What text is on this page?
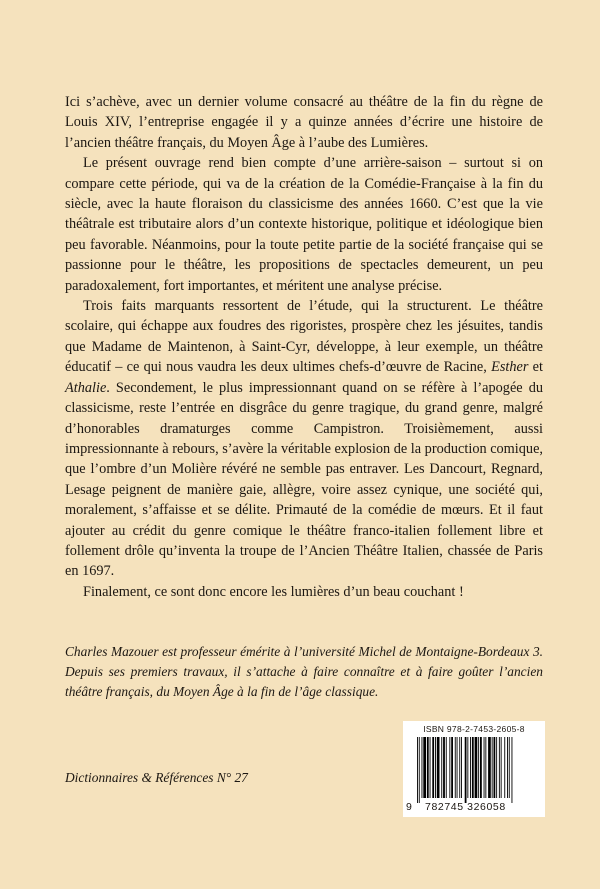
Ici s’achève, avec un dernier volume consacré au théâtre de la fin du règne de Louis XIV, l’entreprise engagée il y a quinze années d’écrire une histoire de l’ancien théâtre français, du Moyen Âge à l’aube des Lumières.

Le présent ouvrage rend bien compte d’une arrière-saison – surtout si on compare cette période, qui va de la création de la Comédie-Française à la fin du siècle, avec la haute floraison du classicisme des années 1660. C’est que la vie théâtrale est tributaire alors d’un contexte historique, politique et idéologique bien peu favorable. Néanmoins, pour la toute petite partie de la société française qui se passionne pour le théâtre, les propositions de spectacles demeurent, un peu paradoxalement, fort importantes, et méritent une analyse précise.

Trois faits marquants ressortent de l’étude, qui la structurent. Le théâtre scolaire, qui échappe aux foudres des rigoristes, prospère chez les jésuites, tandis que Madame de Maintenon, à Saint-Cyr, développe, à leur exemple, un théâtre éducatif – ce qui nous vaudra les deux ultimes chefs-d’œuvre de Racine, Esther et Athalie. Secondement, le plus impressionnant quand on se réfère à l’apogée du classicisme, reste l’entrée en disgrâce du genre tragique, du grand genre, malgré d’honorables dramaturges comme Campistron. Troisièmement, aussi impressionnante à rebours, s’avère la véritable explosion de la production comique, que l’ombre d’un Molière révéré ne semble pas entraver. Les Dancourt, Regnard, Lesage peignent de manière gaie, allègre, voire assez cynique, une société qui, moralement, s’affaisse et se délite. Primauté de la comédie de mœurs. Et il faut ajouter au crédit du genre comique le théâtre franco-italien follement libre et follement drôle qu’inventa la troupe de l’Ancien Théâtre Italien, chassée de Paris en 1697.

Finalement, ce sont donc encore les lumières d’un beau couchant !

Charles Mazouer est professeur émérite à l’université Michel de Montaigne-Bordeaux 3. Depuis ses premiers travaux, il s’attache à faire connaître et à faire goûter l’ancien théâtre français, du Moyen Âge à la fin de l’âge classique.
Dictionnaires & Références N° 27
ISBN 978-2-7453-2605-8
9 782745 326058
